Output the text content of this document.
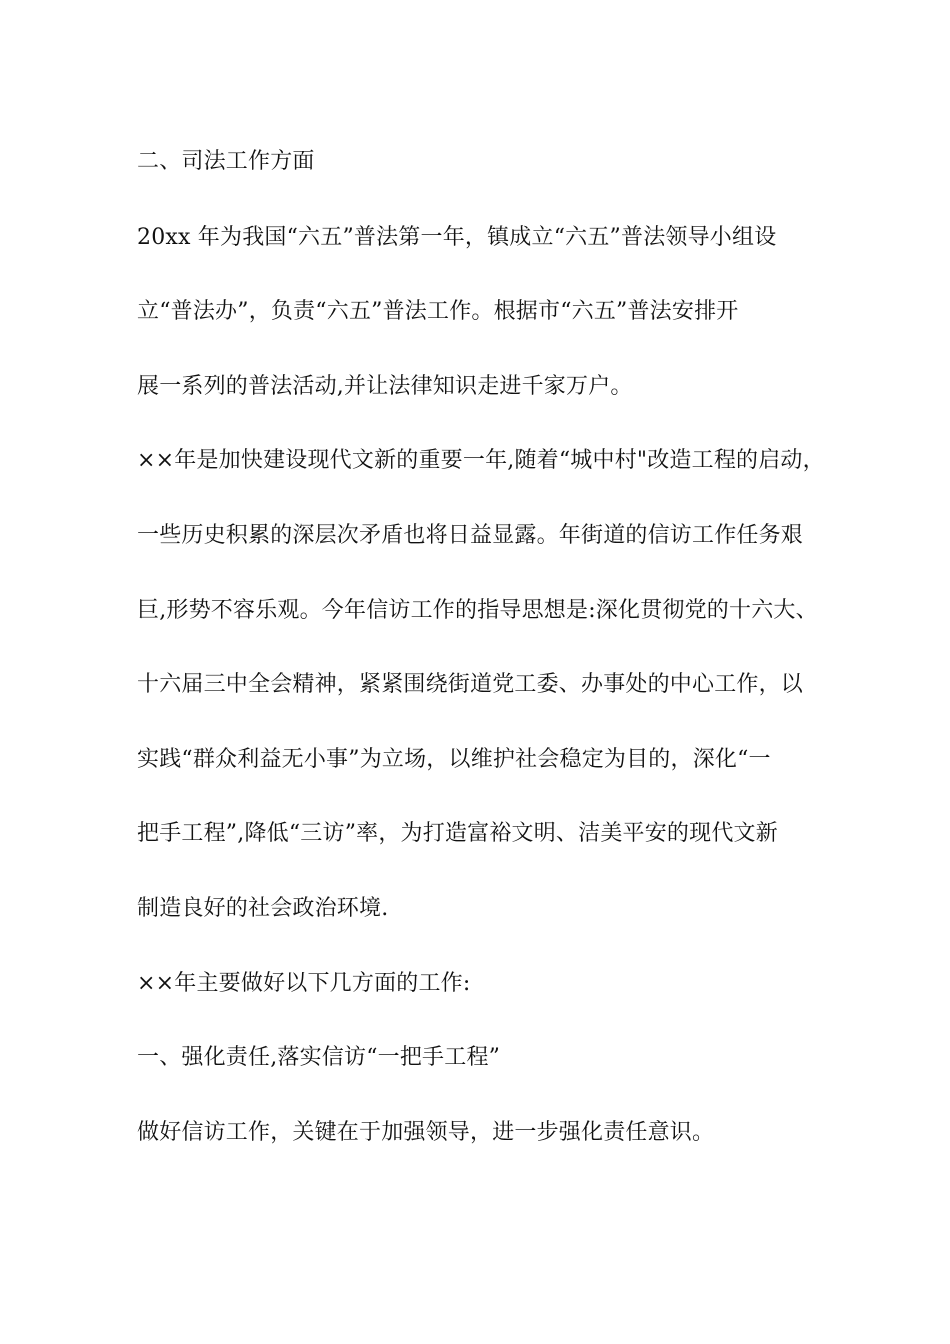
二、司法工作方面
20xx 年为我国“六五”普法第一年，镇成立“六五”普法领导小组设
立“普法办”，负责“六五”普法工作。根据市“六五”普法安排开
展一系列的普法活动,并让法律知识走进千家万户。
××年是加快建设现代文新的重要一年,随着“城中村"改造工程的启动，
一些历史积累的深层次矛盾也将日益显露。年街道的信访工作任务艰
巨,形势不容乐观。今年信访工作的指导思想是:深化贯彻党的十六大、
十六届三中全会精神，紧紧围绕街道党工委、办事处的中心工作，以
实践“群众利益无小事”为立场，以维护社会稳定为目的，深化“一
把手工程”,降低“三访”率，为打造富裕文明、洁美平安的现代文新
制造良好的社会政治环境.
××年主要做好以下几方面的工作:
一、强化责任,落实信访“一把手工程”
做好信访工作，关键在于加强领导，进一步强化责任意识。
